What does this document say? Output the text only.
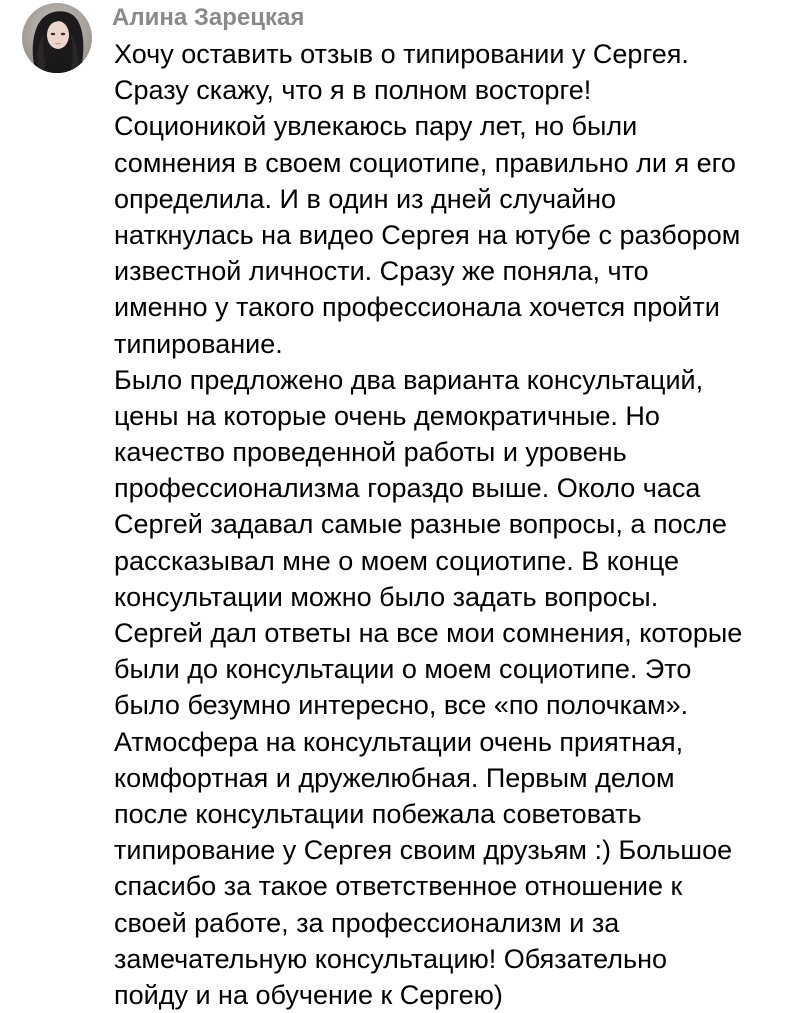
Алина Зарецкая
Хочу оставить отзыв о типировании у Сергея.
Сразу скажу, что я в полном восторге!
Соционикой увлекаюсь пару лет, но были
сомнения в своем социотипе, правильно ли я его
определила. И в один из дней случайно
наткнулась на видео Сергея на ютубе с разбором
известной личности. Сразу же поняла, что
именно у такого профессионала хочется пройти
типирование.
Было предложено два варианта консультаций,
цены на которые очень демократичные. Но
качество проведенной работы и уровень
профессионализма гораздо выше. Около часа
Сергей задавал самые разные вопросы, а после
рассказывал мне о моем социотипе. В конце
консультации можно было задать вопросы.
Сергей дал ответы на все мои сомнения, которые
были до консультации о моем социотипе. Это
было безумно интересно, все «по полочкам».
Атмосфера на консультации очень приятная,
комфортная и дружелюбная. Первым делом
после консультации побежала советовать
типирование у Сергея своим друзьям :) Большое
спасибо за такое ответственное отношение к
своей работе, за профессионализм и за
замечательную консультацию! Обязательно
пойду и на обучение к Сергею)
